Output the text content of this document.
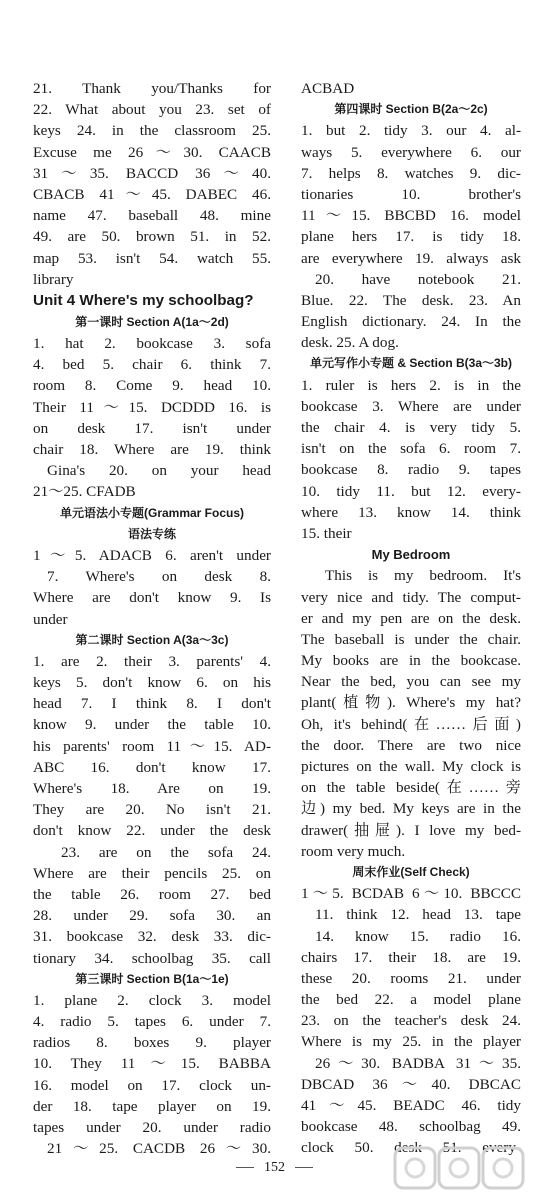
21. Thank you/Thanks for
22. What about you 23. set of
keys 24. in the classroom 25.
Excuse me 26～30. CAACB
31～35. BACCD 36～40.
CBACB 41～45. DABEC 46.
name 47. baseball 48. mine
49. are 50. brown 51. in 52.
map 53. isn't 54. watch 55.
library
Unit 4 Where's my schoolbag?
第一课时 Section A(1a～2d)
1. hat 2. bookcase 3. sofa
4. bed 5. chair 6. think 7.
room 8. Come 9. head 10.
Their 11～15. DCDDD 16. is
on desk 17. isn't under
chair 18. Where are 19. think
Gina's 20. on your head
21～25. CFADB
单元语法小专题(Grammar Focus)
语法专练
1～5. ADACB 6. aren't under
7. Where's on desk 8.
Where are don't know 9. Is
under
第二课时 Section A(3a～3c)
1. are 2. their 3. parents' 4.
keys 5. don't know 6. on his
head 7. I think 8. I don't
know 9. under the table 10.
his parents' room 11～15. AD-
ABC 16. don't know 17.
Where's 18. Are on 19.
They are 20. No isn't 21.
don't know 22. under the desk
23. are on the sofa 24.
Where are their pencils 25. on
the table 26. room 27. bed
28. under 29. sofa 30. an
31. bookcase 32. desk 33. dic-
tionary 34. schoolbag 35. call
第三课时 Section B(1a～1e)
1. plane 2. clock 3. model
4. radio 5. tapes 6. under 7.
radios 8. boxes 9. player
10. They 11～15. BABBA
16. model on 17. clock un-
der 18. tape player on 19.
tapes under 20. under radio
21～25. CACDB 26～30.
ACBAD
第四课时 Section B(2a～2c)
1. but 2. tidy 3. our 4. al-
ways 5. everywhere 6. our
7. helps 8. watches 9. dic-
tionaries 10. brother's
11～15. BBCBD 16. model
plane hers 17. is tidy 18.
are everywhere 19. always ask
20. have notebook 21.
Blue. 22. The desk. 23. An
English dictionary. 24. In the
desk. 25. A dog.
单元写作小专题 & Section B(3a～3b)
1. ruler is hers 2. is in the
bookcase 3. Where are under
the chair 4. is very tidy 5.
isn't on the sofa 6. room 7.
bookcase 8. radio 9. tapes
10. tidy 11. but 12. every-
where 13. know 14. think
15. their
My Bedroom
This is my bedroom. It's
very nice and tidy. The comput-
er and my pen are on the desk.
The baseball is under the chair.
My books are in the bookcase.
Near the bed, you can see my
plant(植物). Where's my hat?
Oh, it's behind(在……后面)
the door. There are two nice
pictures on the wall. My clock is
on the table beside(在……旁
边) my bed. My keys are in the
drawer(抽屉). I love my bed-
room very much.
周末作业(Self Check)
1～5. BCDAB 6～10. BBCCC
11. think 12. head 13. tape
14. know 15. radio 16.
chairs 17. their 18. are 19.
these 20. rooms 21. under
the bed 22. a model plane
23. on the teacher's desk 24.
Where is my 25. in the player
26～30. BADBA 31～35.
DBCAD 36～40. DBCAC
41～45. BEADC 46. tidy
bookcase 48. schoolbag 49.
clock 50. desk 51. every-
152
